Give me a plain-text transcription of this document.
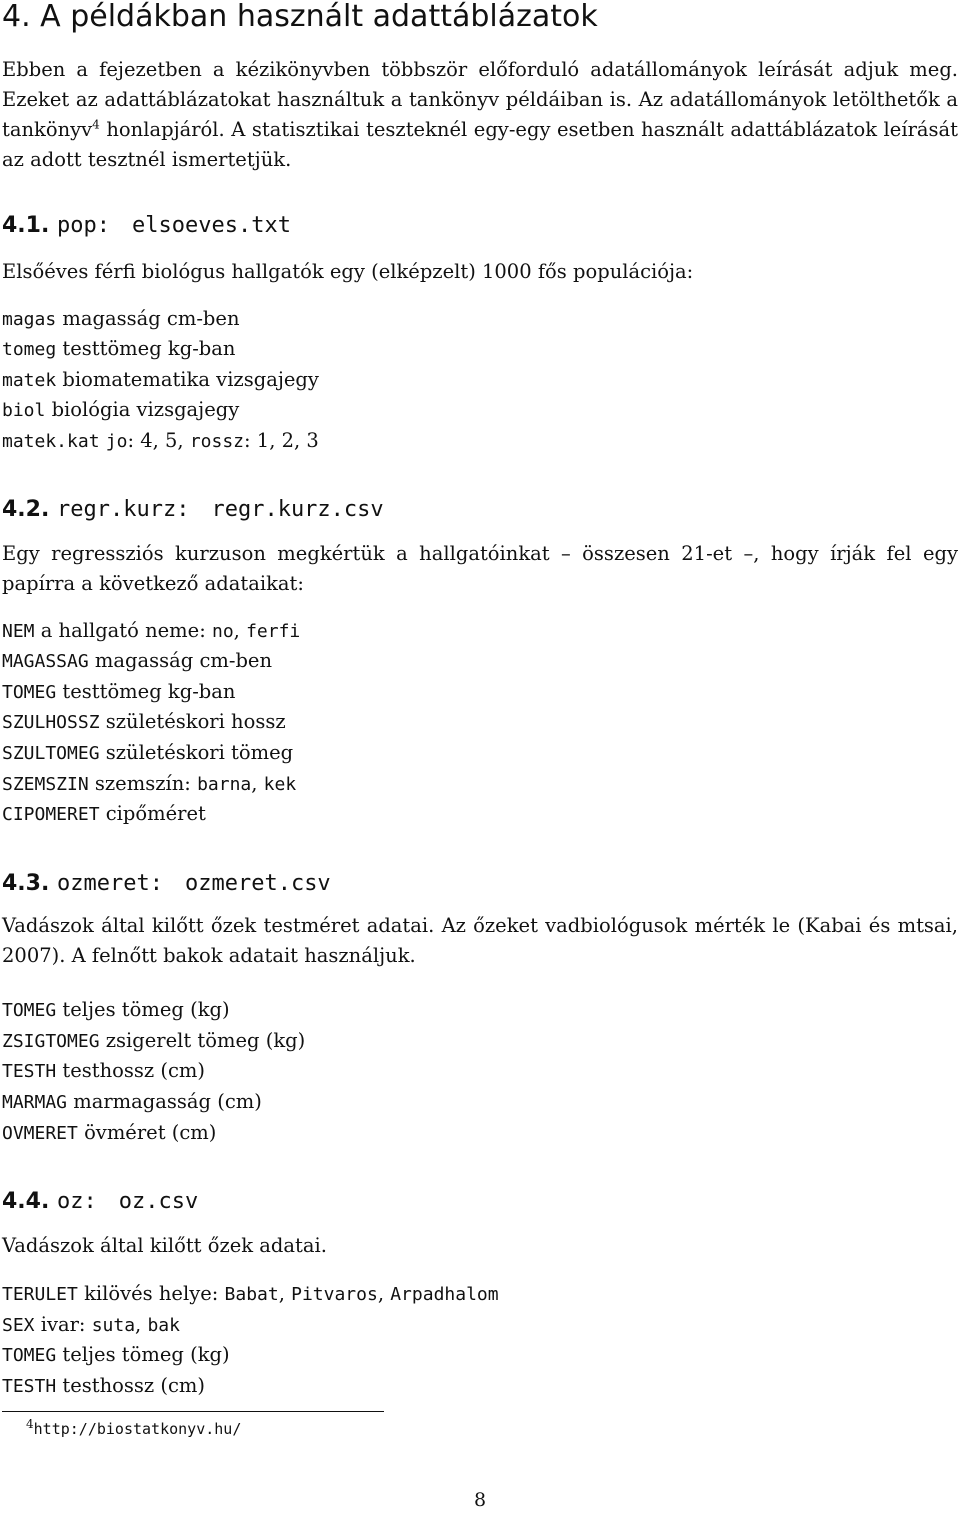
4. A példákban használt adattáblázatok

Ebben a fejezetben a kézikönyvben többször előforduló adatállományok leírását adjuk meg. Ezeket az adattáblázatokat használtuk a tankönyv példáiban is. Az adatállományok letölthetők a tankönyv$^4$ honlapjáról. A statisztikai teszteknél egy-egy esetben használt adattáblázatok leírását az adott tesztnél ismertetjük.

4.1. pop: elsoeves.txt

Elsőéves férfi biológus hallgatók egy (elképzelt) 1000 fős populációja:

magas magasság cm-ben
tomeg testtömeg kg-ban
matek biomatematika vizsgajegy
biol biológia vizsgajegy
matek.kat jo: 4, 5, rossz: 1, 2, 3
4.2. regr.kurz: regr.kurz.csv

Egy regressziós kurzuson megkértük a hallgatóinkat – összesen 21-et –, hogy írják fel egy papírra a következő adataikat:

NEM a hallgató neme: no, ferfi
MAGASSAG magasság cm-ben
TOMEG testtömeg kg-ban
SZULHOSSZ születéskori hossz
SZULTOMEG születéskori tömeg
SZEMSZIN szemszín: barna, kek
CIPOMERET cipőméret
4.3. ozmeret: ozmeret.csv

Vadászok által kilőtt őzek testméret adatai. Az őzeket vadbiológusok mérték le (Kabai és mtsai, 2007). A felnőtt bakok adatait használjuk.

TOMEG teljes tömeg (kg)
ZSIGTOMEG zsigerelt tömeg (kg)
TESTH testhossz (cm)
MARMAG marmagasság (cm)
OVMERET övméret (cm)
4.4. oz: oz.csv

Vadászok által kilőtt őzek adatai.

TERULET kilövés helye: Babat, Pitvaros, Arpadhalom
SEX ivar: suta, bak
TOMEG teljes tömeg (kg)
TESTH testhossz (cm)
$^4$http://biostatkonyv.hu/
8
